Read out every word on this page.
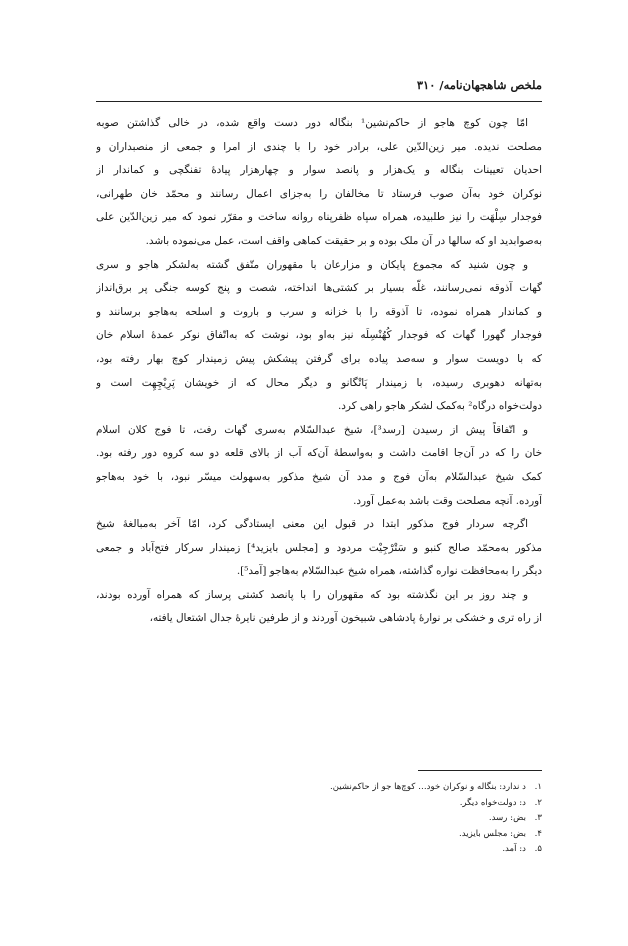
ملخص شاهجهان‌نامه/ ۳۱۰
امّا چون کوچ هاجو از حاکم‌نشین¹ بنگاله دور دست واقع شده، در خالی گذاشتن صوبه
مصلحت ندیده. میر زین‌الدّین علی، برادر خود را با چندی از امرا و جمعی از منصبداران و
احدیان تعیینات بنگاله و یک‌هزار و پانصد سوار و چهارهزار پیادهٔ تفنگچی و کماندار از
نوکران خود به‌آن صوب فرستاد تا مخالفان را به‌جزای اعمال رسانند و محمّد خان طهرانی،
فوجدار سِلْهَت را نیز طلبیده، همراه سپاه ظفرپناه روانه ساخت و مقرّر نمود که میر زین‌الدّین علی
به‌صوابدید او که سالها در آن ملک بوده و بر حقیقت کماهی واقف است، عمل می‌نموده باشد.
و چون شنید که مجموع پایکان و مزارعان با مقهوران متّفق گشته به‌لشکر هاجو و سری
گهات آذوقه نمی‌رسانند، غلّه بسیار بر کشتی‌ها انداخته، شصت و پنج کوسه جنگی پر برق‌انداز
و کماندار همراه نموده، تا آذوقه را با خزانه و سرب و باروت و اسلحه به‌هاجو برسانند و
فوجدار گهورا گهات که فوجدار کُهُنْسِلَه نیز به‌او بود، نوشت که به‌اتّفاق نوکر عمدهٔ اسلام خان
که با دویست سوار و سه‌صد پیاده برای گرفتن پیشکش پیش زمیندار کوچ بهار رفته بود،
به‌تهانه دهوبری رسیده، با زمیندار پَاتْگانو و دیگر محال که از خویشان پَرِیْچِهِت است و
دولت‌خواه درگاه² به‌کمک لشکر هاجو راهی کرد.
و اتّفاقاً پیش از رسیدن [رسد³]، شیخ عبدالسّلام به‌سری گهات رفت، تا فوج کلان اسلام
خان را که در آن‌جا اقامت داشت و به‌واسطهٔ آن‌که آب از بالای قلعه دو سه کروه دور رفته بود.
کمک شیخ عبدالسّلام به‌آن فوج و مدد آن شیخ مذکور به‌سهولت میسّر نبود، با خود به‌هاجو
آورده. آنچه مصلحت وقت باشد به‌عمل آورد.
اگرچه سردار فوج مذکور ابتدا در قبول این معنی ایستادگی کرد، امّا آخر به‌مبالغهٔ شیخ
مذکور به‌محمّد صالح کنبو و سَتْرْجِیْت مردود و [مجلس بایزید⁴] زمیندار سرکار فتح‌آباد و جمعی
دیگر را به‌محافظت نواره گذاشته، همراه شیخ عبدالسّلام به‌هاجو [آمد⁵].
و چند روز بر این نگذشته بود که مقهوران را با پانصد کشتی پرساز که همراه آورده بودند،
از راه تری و خشکی بر نوارهٔ پادشاهی شبیخون آوردند و از طرفین نایرهٔ جدال اشتعال یافته،
۱.د ندارد: بنگاله و نوکران خود… کوچ‌ها جو از حاکم‌نشین.
۲.د: دولت‌خواه دیگر.
۳.بض: رسد.
۴.بض: مجلس بایزید.
۵.د: آمد.
